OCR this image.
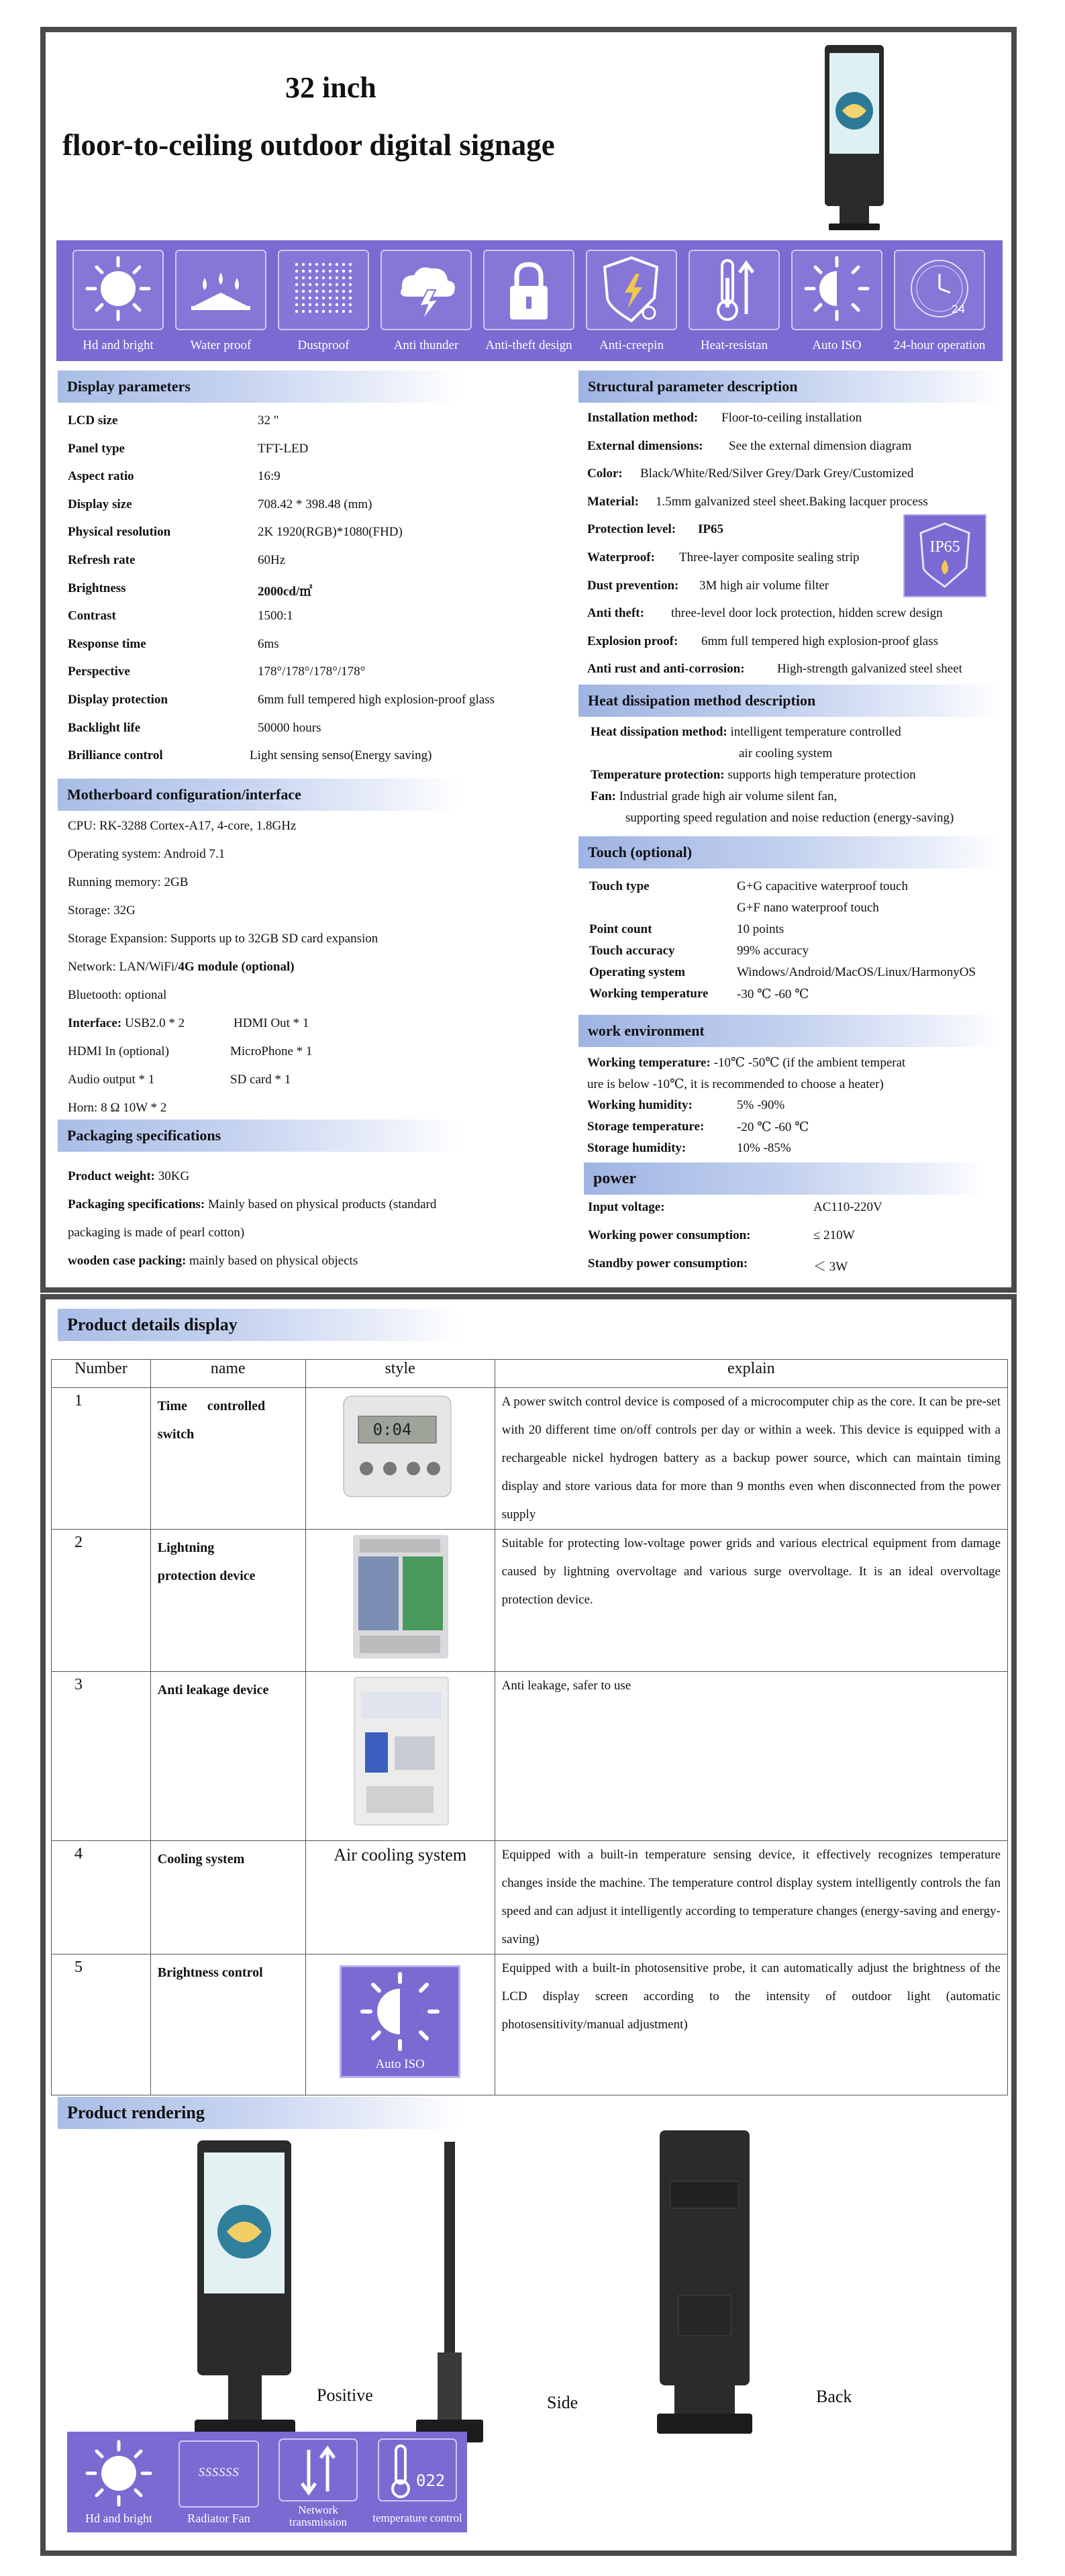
32 inch
floor-to-ceiling outdoor digital signage
Hd and bright	Water proof	Dustproof	Anti thunder	Anti-theft design	Anti-creepin	Heat-resistan	Auto ISO
24
24-hour operation
Display parameters
LCD size	32 "
Panel type	TFT-LED
Aspect ratio	16:9
Display size	708.42 * 398.48 (mm)
Physical resolution	2K 1920(RGB)*1080(FHD)
Refresh rate	60Hz
Brightness	2000cd/㎡
Contrast	1500:1
Response time	6ms
Perspective	178°/178°/178°/178°
Display protection	6mm full tempered high explosion-proof glass
Backlight life	50000 hours
Brilliance control	Light sensing senso(Energy saving)
Motherboard configuration/interface
CPU: RK-3288 Cortex-A17, 4-core, 1.8GHz
Operating system: Android 7.1
Running memory: 2GB
Storage: 32G
Storage Expansion: Supports up to 32GB SD card expansion
Network: LAN/WiFi/4G module (optional)
Bluetooth: optional
Interface: USB2.0 * 2	HDMI Out * 1
HDMI In (optional)	MicroPhone * 1
Audio output * 1	SD card * 1
Horn: 8 Ω 10W * 2
Packaging specifications
Product weight: 30KG
Packaging specifications: Mainly based on physical products (standard
packaging is made of pearl cotton)
wooden case packing: mainly based on physical objects
Structural parameter description
Installation method: Floor-to-ceiling installation
External dimensions: See the external dimension diagram
Color: Black/White/Red/Silver Grey/Dark Grey/Customized
Material: 1.5mm galvanized steel sheet.Baking lacquer process
Protection level: IP65
Waterproof: Three-layer composite sealing strip
Dust prevention: 3M high air volume filter
Anti theft: three-level door lock protection, hidden screw design
Explosion proof: 6mm full tempered high explosion-proof glass
Anti rust and anti-corrosion:	High-strength galvanized steel sheet
IP65
Heat dissipation method description
Heat dissipation method: intelligent temperature controlled
air cooling system
Temperature protection: supports high temperature protection
Fan: Industrial grade high air volume silent fan,
supporting speed regulation and noise reduction (energy-saving)
Touch (optional)
Touch type	G+G capacitive waterproof touch
G+F nano waterproof touch
Point count	10 points
Touch accuracy	99% accuracy
Operating system	Windows/Android/MacOS/Linux/HarmonyOS
Working temperature -30 ℃ -60 ℃
work environment
Working temperature: -10℃ -50℃ (if the ambient temperat
ure is below -10℃, it is recommended to choose a heater)
Working humidity:	5% -90%
Storage temperature:	-20 ℃ -60 ℃
Storage humidity:	10% -85%
power
Input voltage:	AC110-220V
Working power consumption:	≤ 210W
Standby power consumption:	＜ 3W
Product details display
Number	name	style	explain

1	Time      controlled
switch	0:04	A power switch control device is composed of a microcomputer chip as the core. It can be pre-set with 20 different time on/off controls per day or within a week. This device is equipped with a rechargeable nickel hydrogen battery as a backup power source, which can maintain timing display and store various data for more than 9 months even when disconnected from the power supply

2	Lightning
protection device		Suitable for protecting low-voltage power grids and various electrical equipment from damage caused by lightning overvoltage and various surge overvoltage. It is an ideal overvoltage protection device.

3	Anti leakage device		Anti leakage, safer to use

4	Cooling system	Air cooling system	Equipped with a built-in temperature sensing device, it effectively recognizes temperature changes inside the machine. The temperature control display system intelligently controls the fan speed and can adjust it intelligently according to temperature changes (energy-saving and energy-saving)

5	Brightness control	Auto ISO	Equipped with a built-in photosensitive probe, it can automatically adjust the brightness of the LCD display screen according to the intensity of outdoor light (automatic photosensitivity/manual adjustment)
Product rendering
Positive	Side	Back
Hd and bright
ssssss
Radiator Fan
Network
transmission
022
temperature control
